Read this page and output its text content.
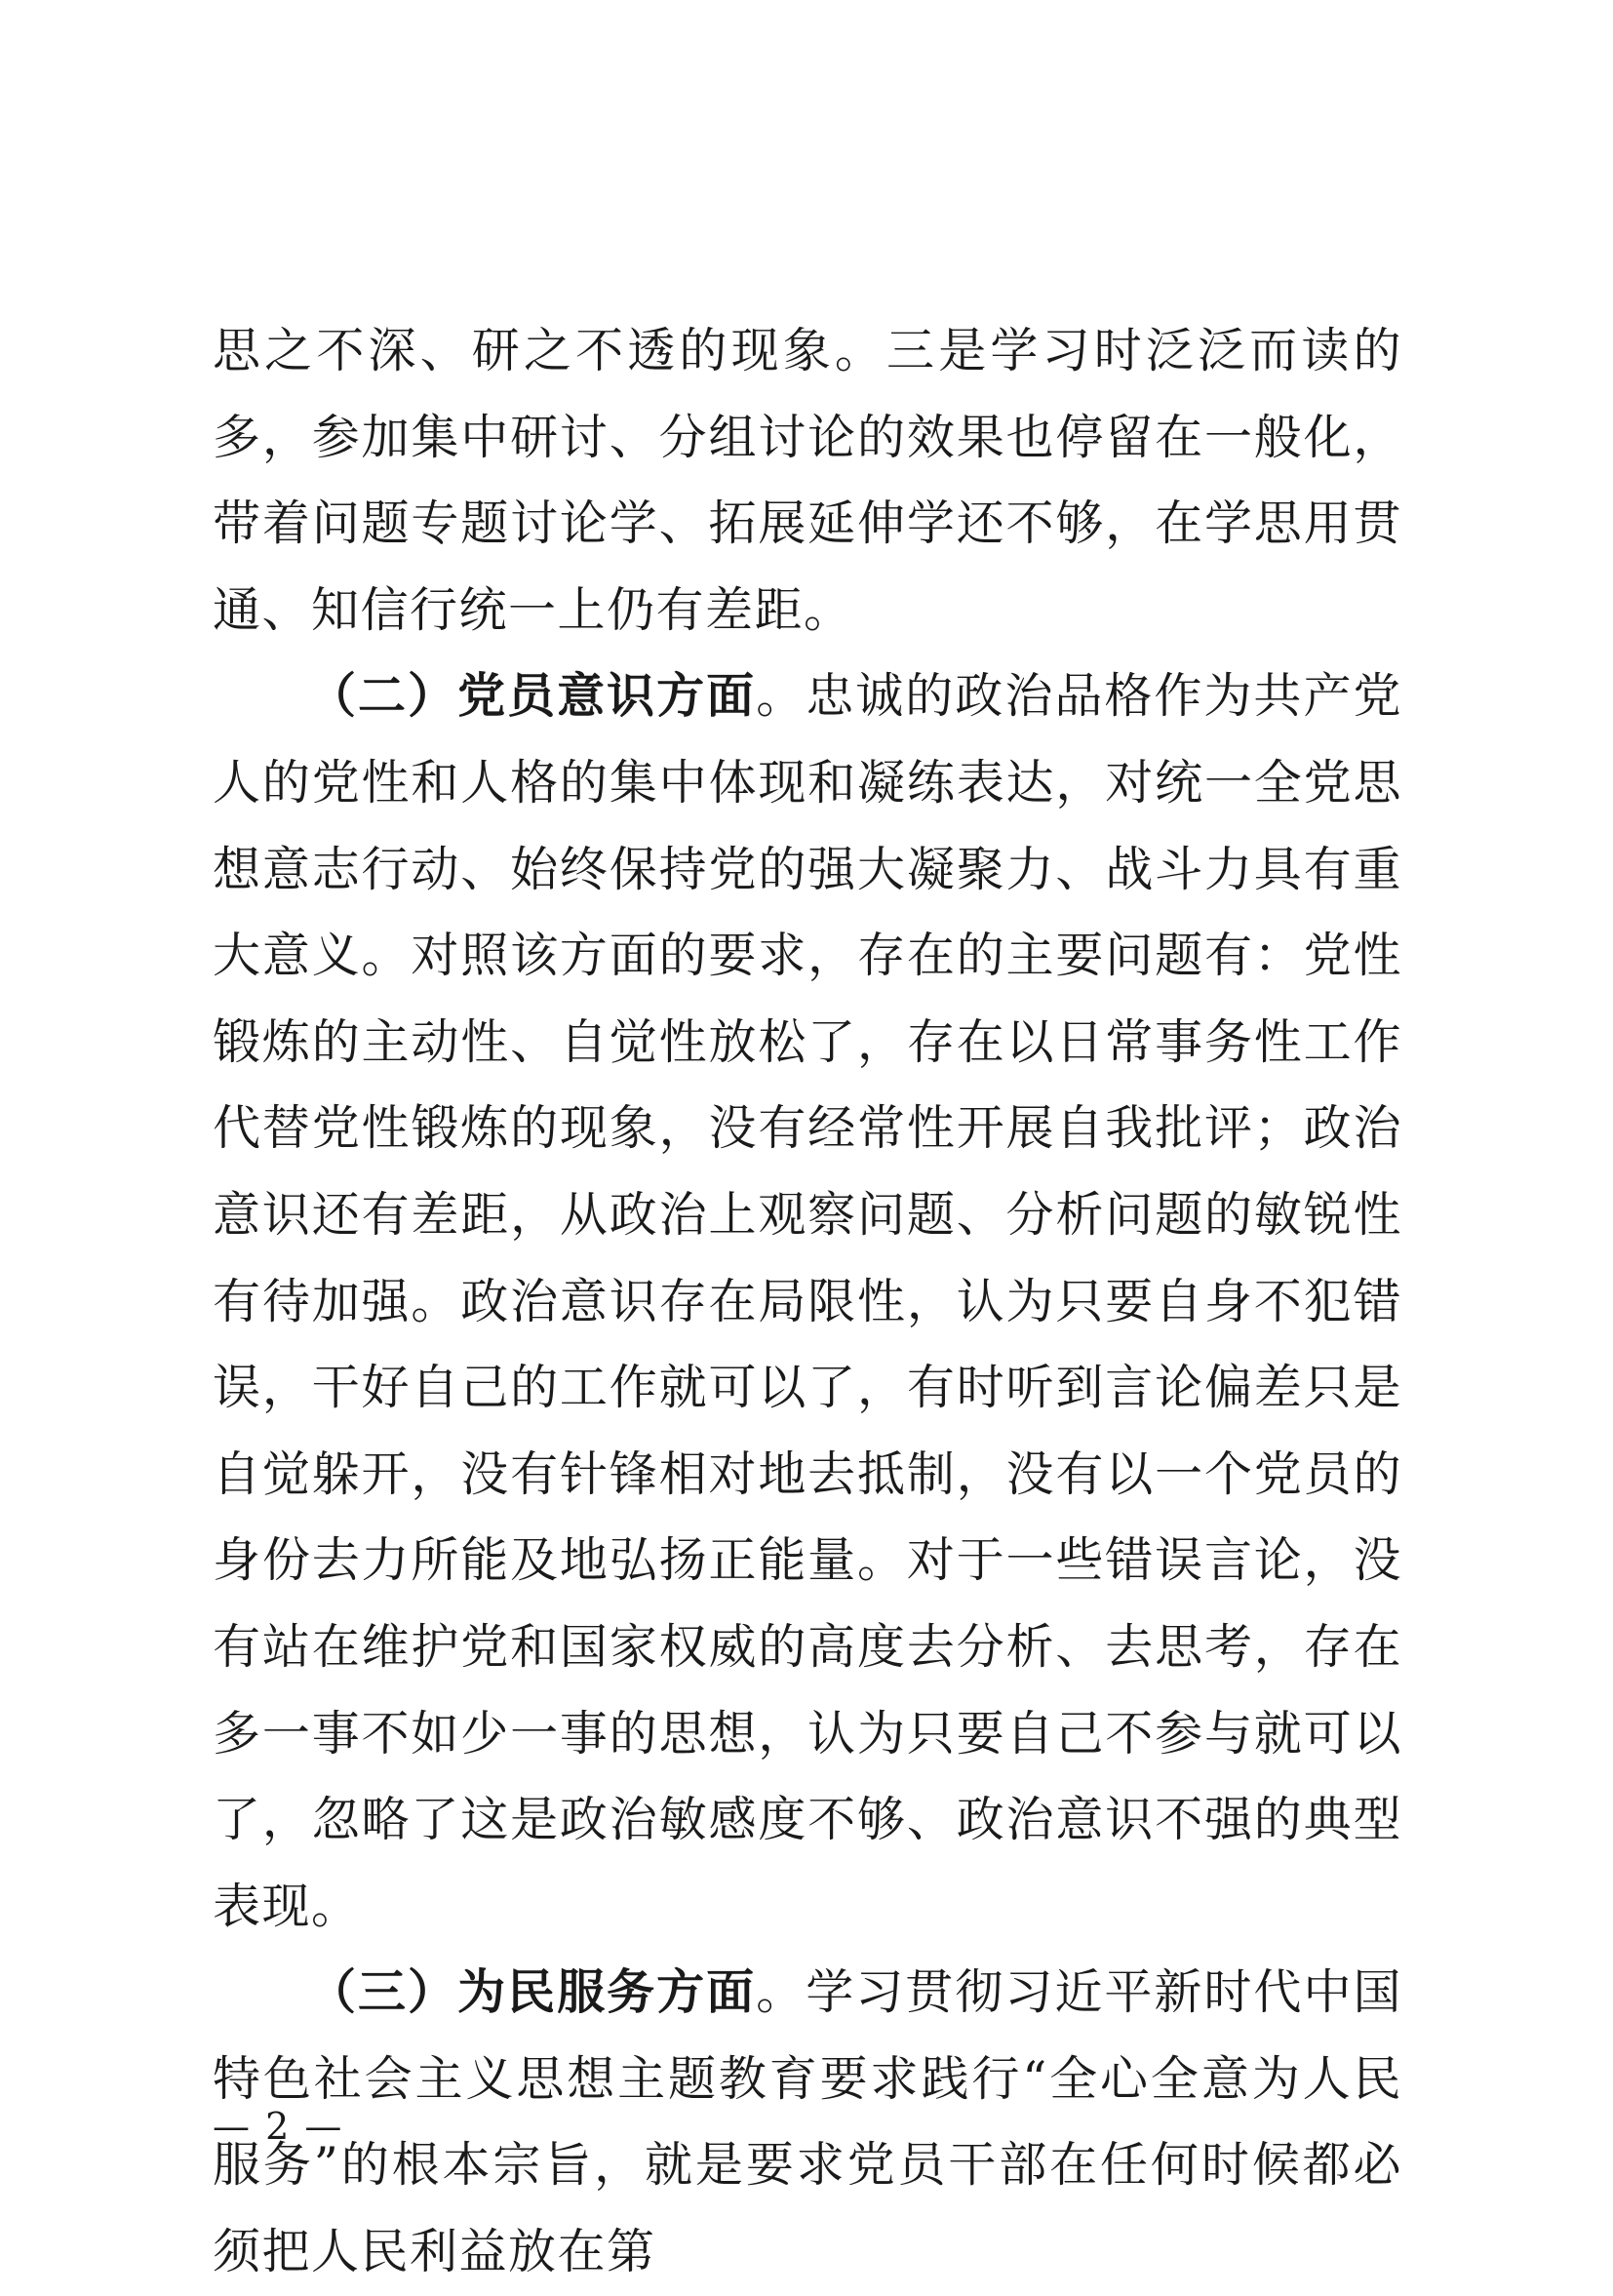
思之不深、研之不透的现象。三是学习时泛泛而读的多，参加集中研讨、分组讨论的效果也停留在一般化，带着问题专题讨论学、拓展延伸学还不够，在学思用贯通、知信行统一上仍有差距。

（二）党员意识方面。忠诚的政治品格作为共产党人的党性和人格的集中体现和凝练表达，对统一全党思想意志行动、始终保持党的强大凝聚力、战斗力具有重大意义。对照该方面的要求，存在的主要问题有：党性锻炼的主动性、自觉性放松了，存在以日常事务性工作代替党性锻炼的现象，没有经常性开展自我批评；政治意识还有差距，从政治上观察问题、分析问题的敏锐性有待加强。政治意识存在局限性，认为只要自身不犯错误，干好自己的工作就可以了，有时听到言论偏差只是自觉躲开，没有针锋相对地去抵制，没有以一个党员的身份去力所能及地弘扬正能量。对于一些错误言论，没有站在维护党和国家权威的高度去分析、去思考，存在多一事不如少一事的思想，认为只要自己不参与就可以了，忽略了这是政治敏感度不够、政治意识不强的典型表现。

（三）为民服务方面。学习贯彻习近平新时代中国特色社会主义思想主题教育要求践行“全心全意为人民服务”的根本宗旨，就是要求党员干部在任何时候都必须把人民利益放在第

— 2 —
